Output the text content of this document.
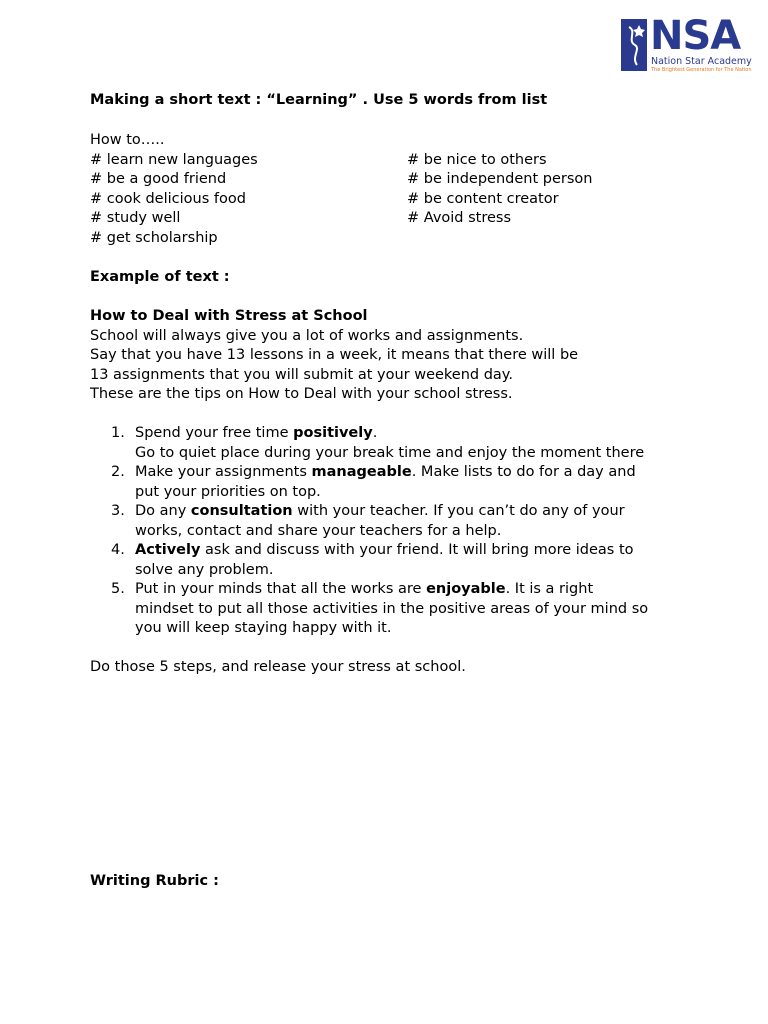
NSA
Nation Star Academy
The Brightest Generation for The Nation
Making a short text : “Learning” . Use 5 words from list
How to…..
# learn new languages
# be a good friend
# cook delicious food
# study well
# get scholarship
# be nice to others
# be independent person
# be content creator
# Avoid stress
Example of text :
How to Deal with Stress at School
School will always give you a lot of works and assignments.
Say that you have 13 lessons in a week, it means that there will be
13 assignments that you will submit at your weekend day.
These are the tips on How to Deal with your school stress.
1. Spend your free time positively.
Go to quiet place during your break time and enjoy the moment there
2. Make your assignments manageable. Make lists to do for a day and
put your priorities on top.
3. Do any consultation with your teacher. If you can’t do any of your
works, contact and share your teachers for a help.
4. Actively ask and discuss with your friend. It will bring more ideas to
solve any problem.
5. Put in your minds that all the works are enjoyable. It is a right
mindset to put all those activities in the positive areas of your mind so
you will keep staying happy with it.
Do those 5 steps, and release your stress at school.
Writing Rubric :
